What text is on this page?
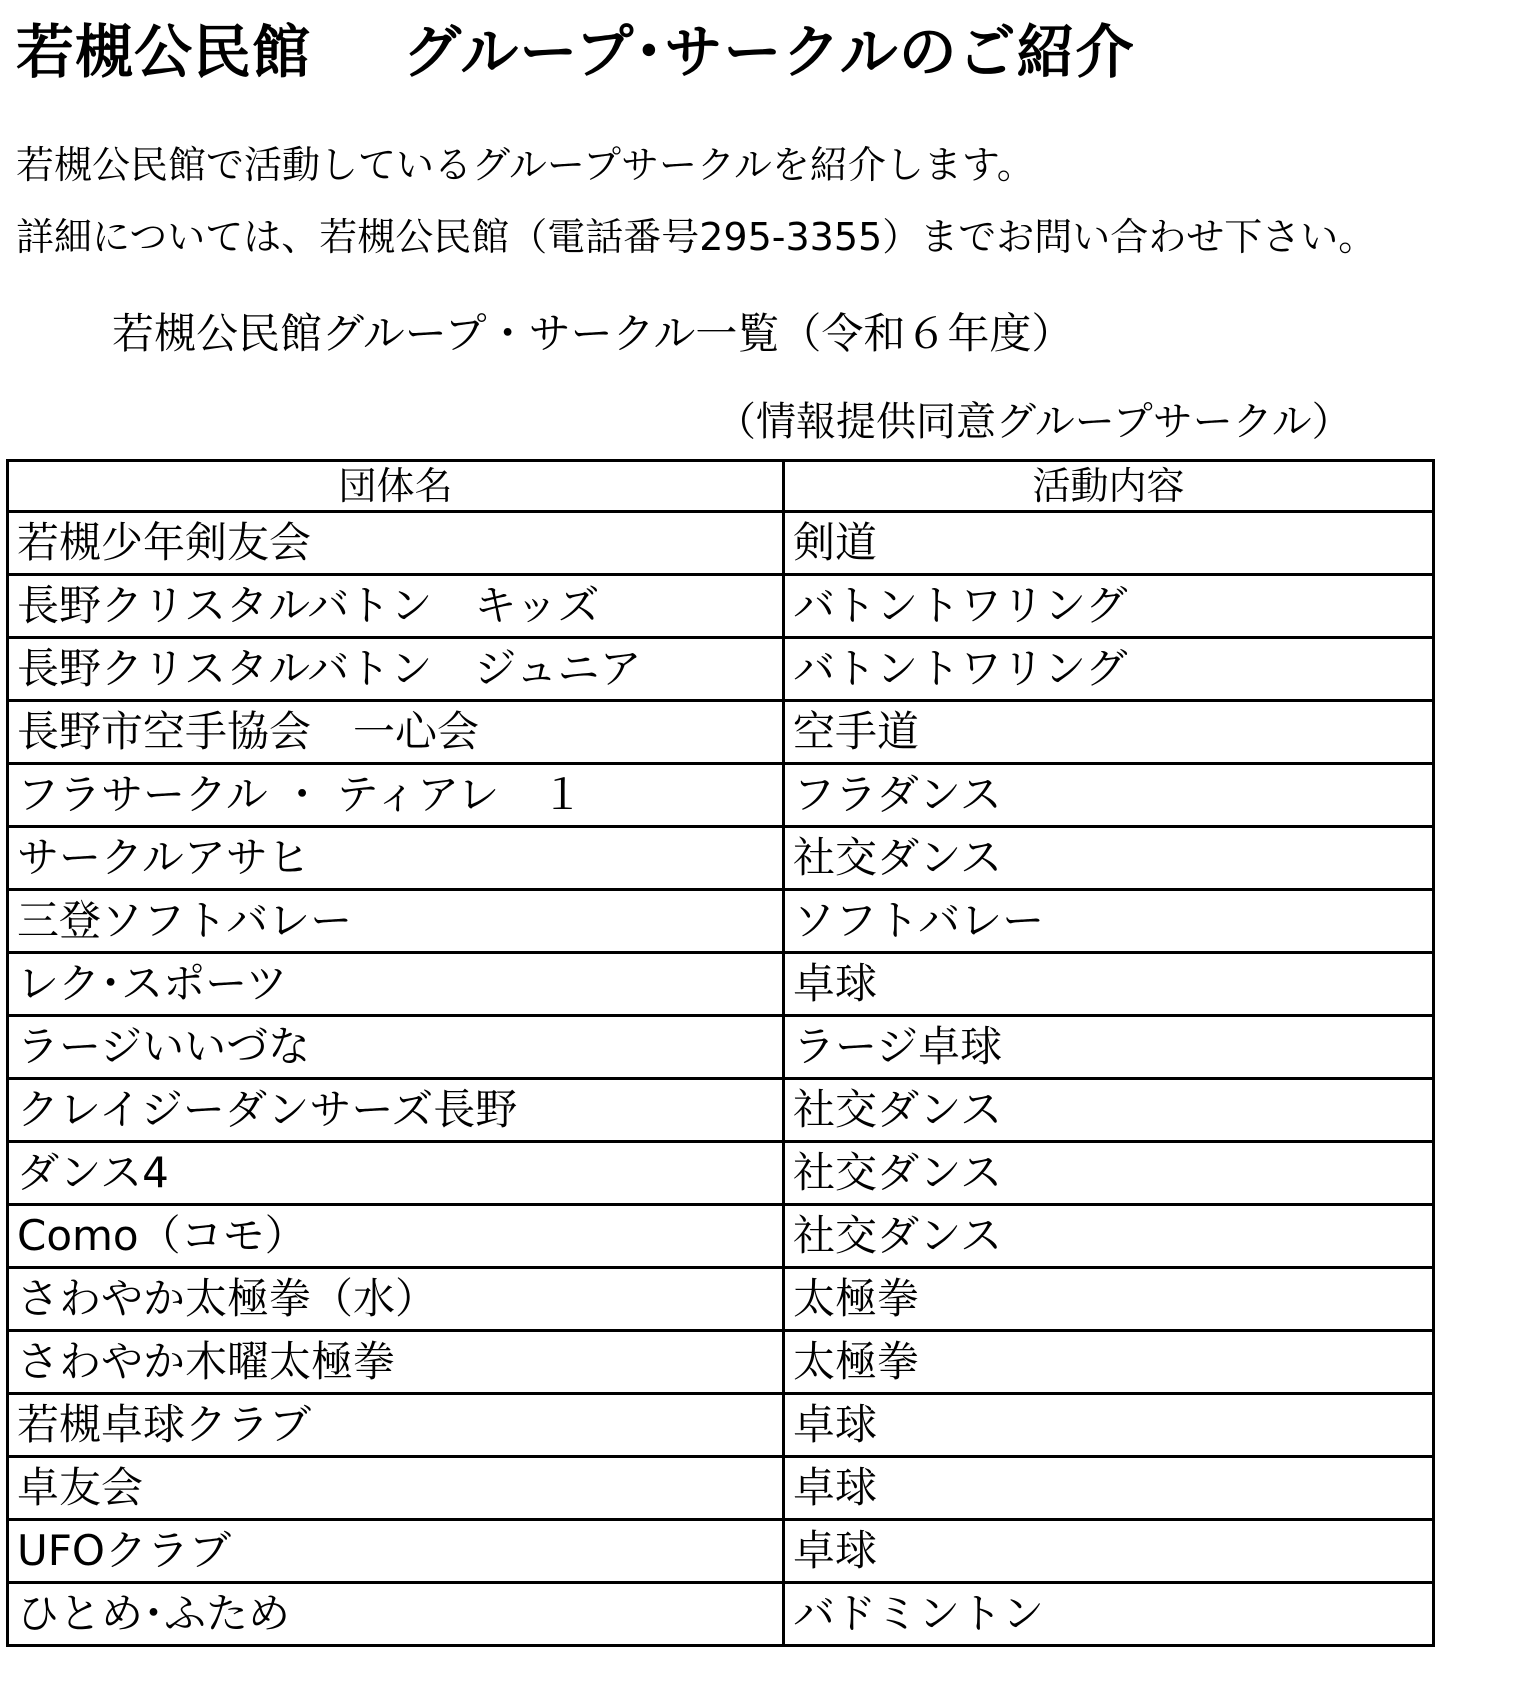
若槻公民館 グループ･サークルのご紹介
若槻公民館で活動しているグループサークルを紹介します。
詳細については、若槻公民館（電話番号295-3355）までお問い合わせ下さい。
若槻公民館グループ・サークル一覧（令和６年度）
（情報提供同意グループサークル）
団体名	活動内容
若槻少年剣友会	剣道
長野クリスタルバトン　キッズ	バトントワリング
長野クリスタルバトン　ジュニア	バトントワリング
長野市空手協会　一心会	空手道
フラサークル ・ ティアレ　１	フラダンス
サークルアサヒ	社交ダンス
三登ソフトバレー	ソフトバレー
レク･スポーツ	卓球
ラージいいづな	ラージ卓球
クレイジーダンサーズ長野	社交ダンス
ダンス4	社交ダンス
Como（コモ）	社交ダンス
さわやか太極拳（水）	太極拳
さわやか木曜太極拳	太極拳
若槻卓球クラブ	卓球
卓友会	卓球
UFOクラブ	卓球
ひとめ･ふため	バドミントン
